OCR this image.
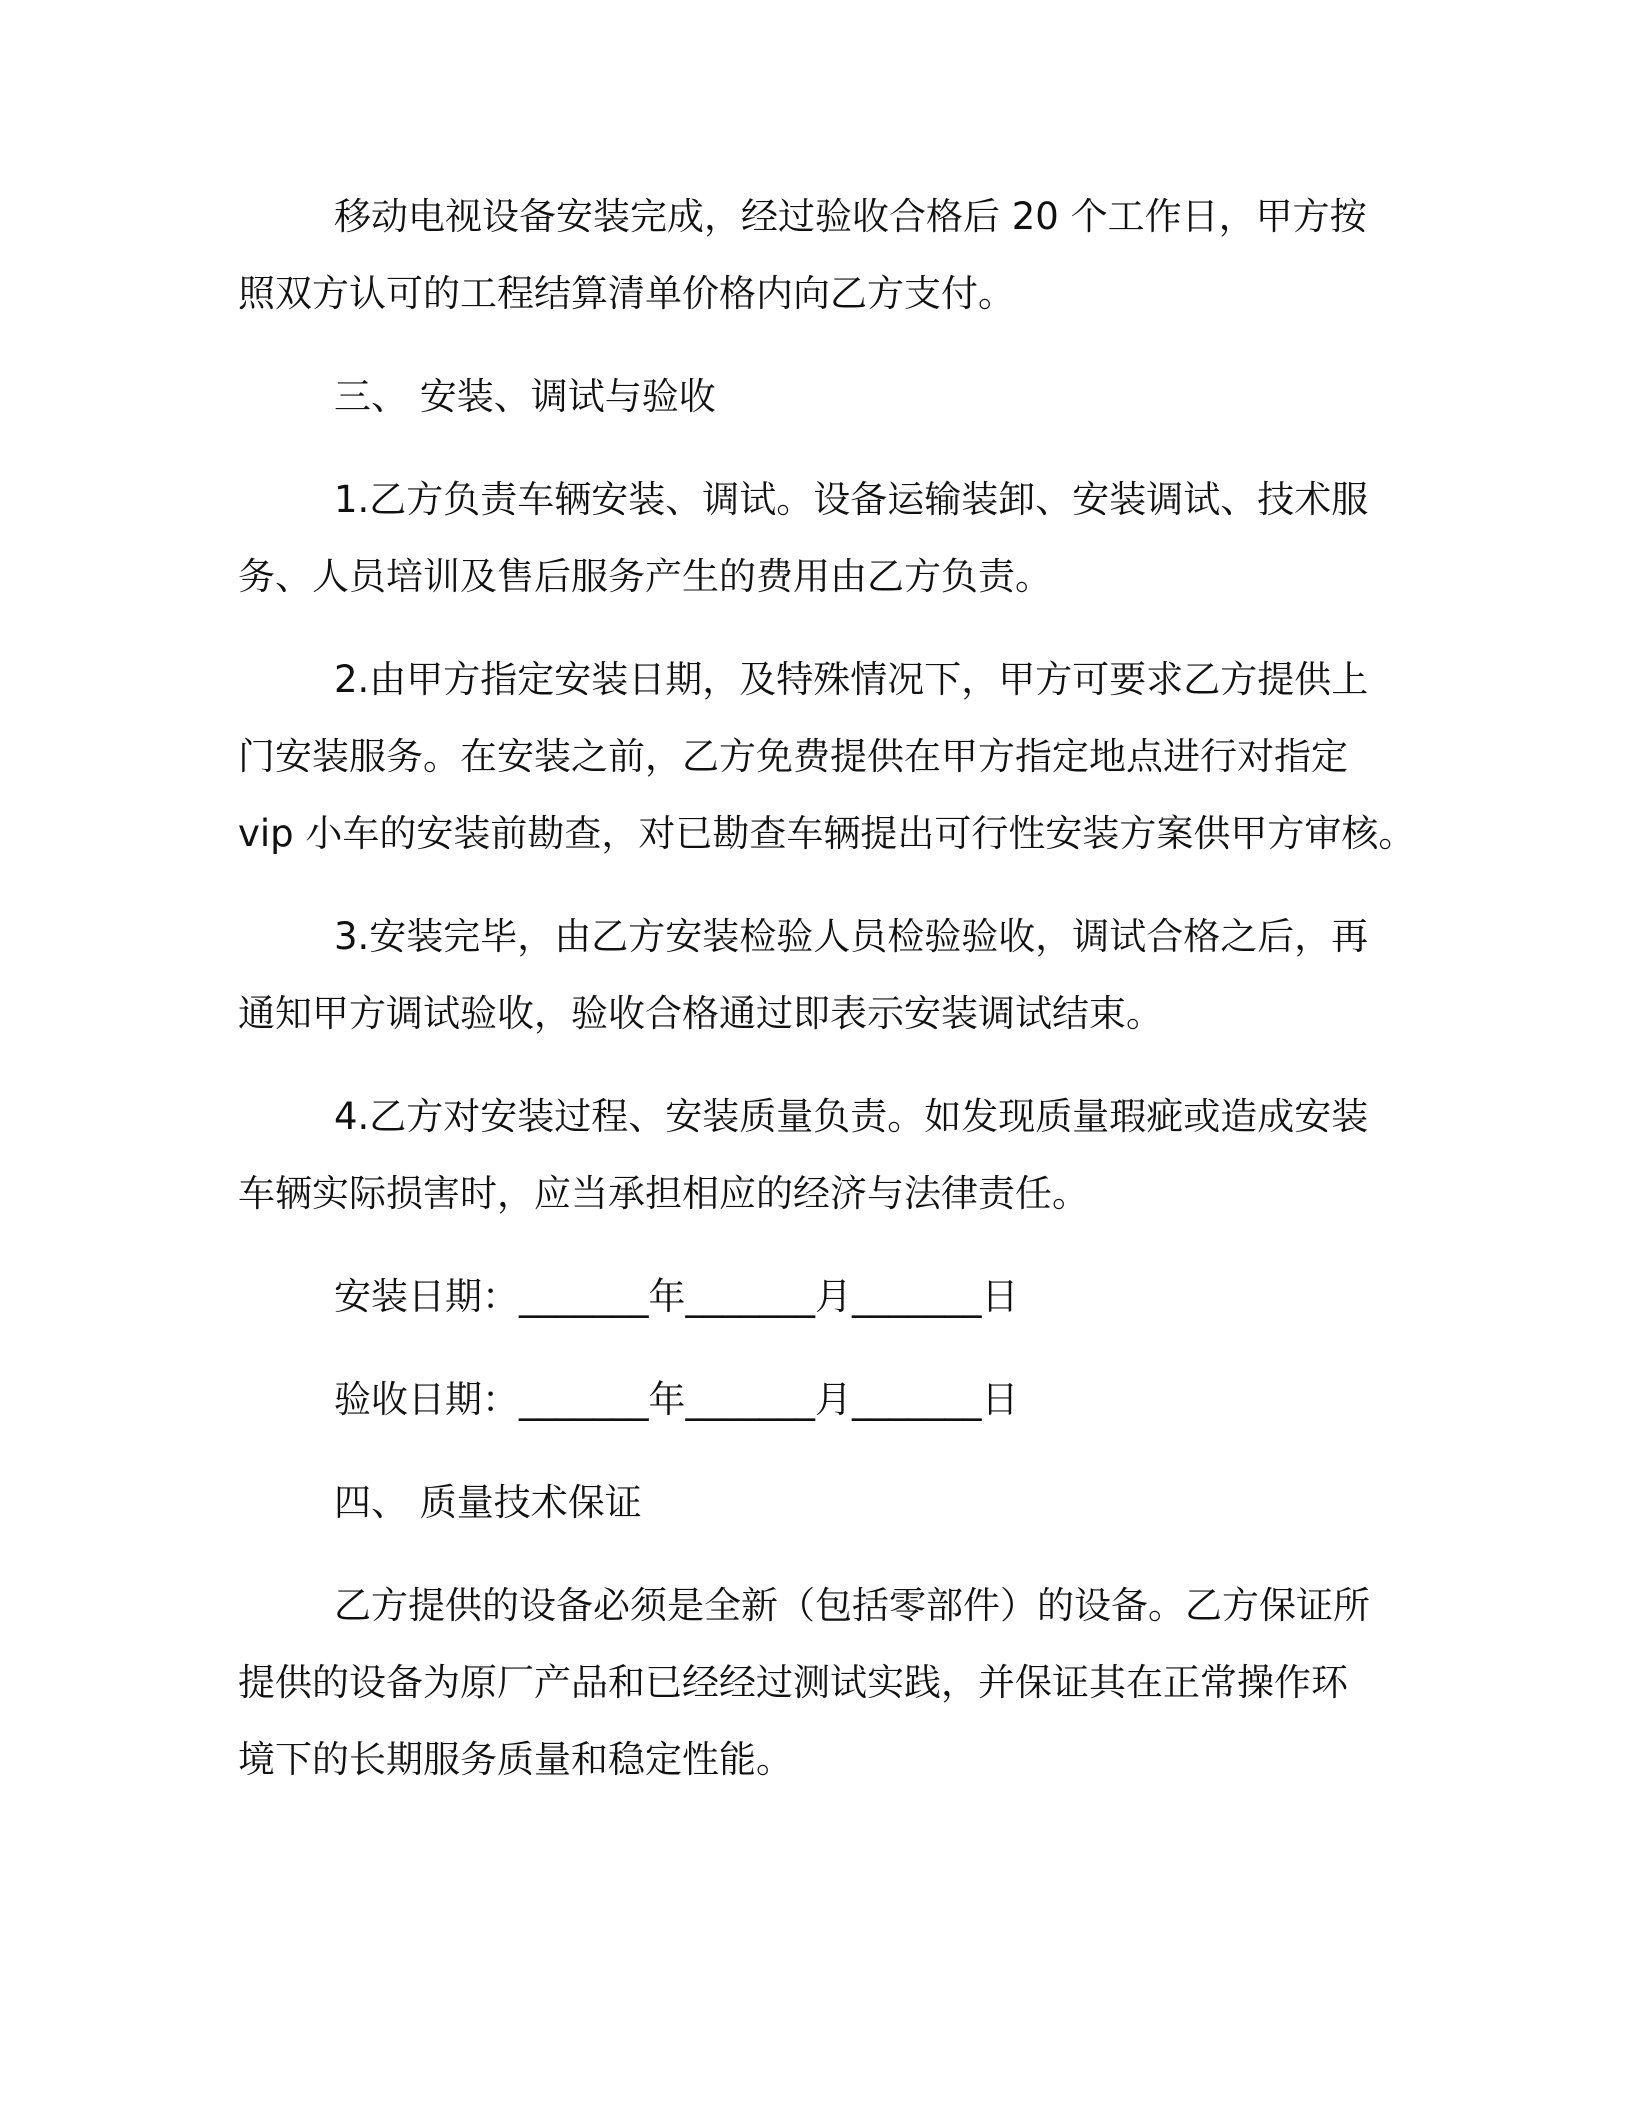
移动电视设备安装完成，经过验收合格后 20 个工作日，甲方按
照双方认可的工程结算清单价格内向乙方支付。
三、 安装、调试与验收
1.乙方负责车辆安装、调试。设备运输装卸、安装调试、技术服
务、人员培训及售后服务产生的费用由乙方负责。
2.由甲方指定安装日期，及特殊情况下，甲方可要求乙方提供上
门安装服务。在安装之前，乙方免费提供在甲方指定地点进行对指定
vip 小车的安装前勘查，对已勘查车辆提出可行性安装方案供甲方审核。
3.安装完毕，由乙方安装检验人员检验验收，调试合格之后，再
通知甲方调试验收，验收合格通过即表示安装调试结束。
4.乙方对安装过程、安装质量负责。如发现质量瑕疵或造成安装
车辆实际损害时，应当承担相应的经济与法律责任。
安装日期：_______年_______月_______日
验收日期：_______年_______月_______日
四、 质量技术保证
乙方提供的设备必须是全新（包括零部件）的设备。乙方保证所
提供的设备为原厂产品和已经经过测试实践，并保证其在正常操作环
境下的长期服务质量和稳定性能。
